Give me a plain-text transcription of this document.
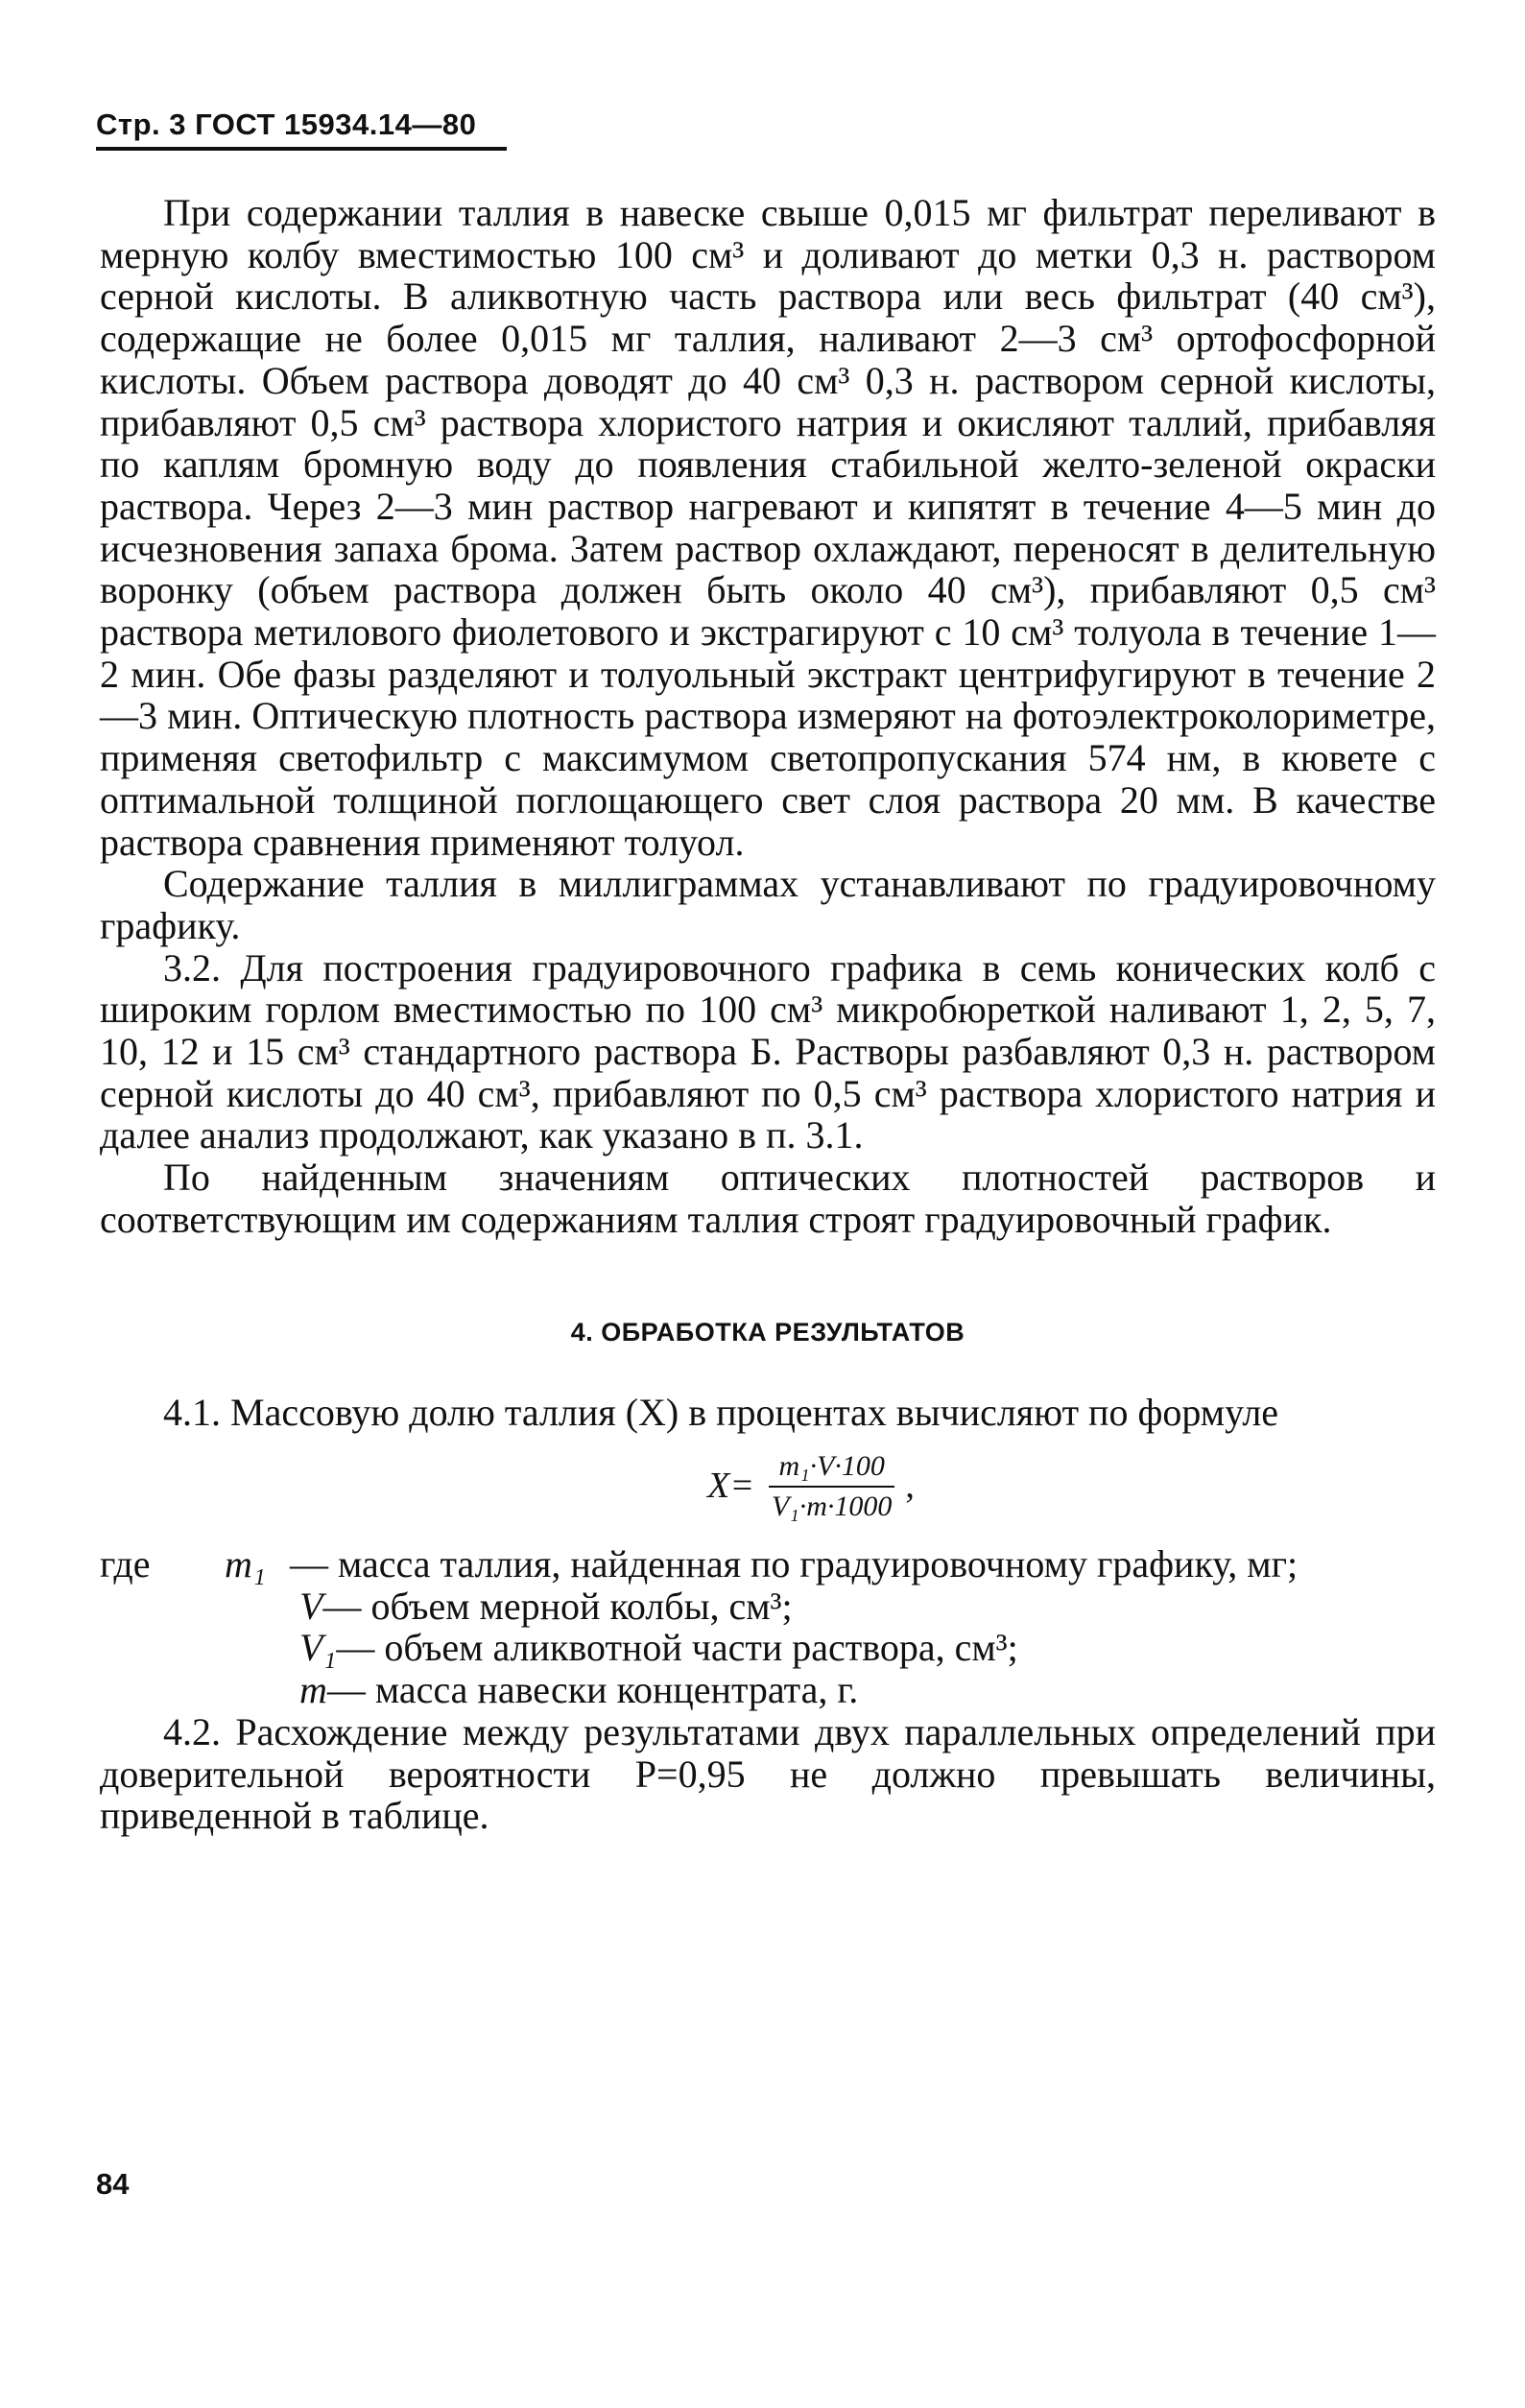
Стр. 3 ГОСТ 15934.14—80

При содержании таллия в навеске свыше 0,015 мг фильтрат переливают в мерную колбу вместимостью 100 см³ и доливают до метки 0,3 н. раствором серной кислоты. В аликвотную часть раствора или весь фильтрат (40 см³), содержащие не более 0,015 мг таллия, наливают 2—3 см³ ортофосфорной кислоты. Объем раствора доводят до 40 см³ 0,3 н. раствором серной кислоты, прибавляют 0,5 см³ раствора хлористого натрия и окисляют таллий, прибавляя по каплям бромную воду до появления стабильной желто-зеленой окраски раствора. Через 2—3 мин раствор нагревают и кипятят в течение 4—5 мин до исчезновения запаха брома. Затем раствор охлаждают, переносят в делительную воронку (объем раствора должен быть около 40 см³), прибавляют 0,5 см³ раствора метилового фиолетового и экстрагируют с 10 см³ толуола в течение 1—2 мин. Обе фазы разделяют и толуольный экстракт центрифугируют в течение 2—3 мин. Оптическую плотность раствора измеряют на фотоэлектроколориметре, применяя светофильтр с максимумом светопропускания 574 нм, в кювете с оптимальной толщиной поглощающего свет слоя раствора 20 мм. В качестве раствора сравнения применяют толуол.

Содержание таллия в миллиграммах устанавливают по градуировочному графику.

3.2. Для построения градуировочного графика в семь конических колб с широким горлом вместимостью по 100 см³ микробюреткой наливают 1, 2, 5, 7, 10, 12 и 15 см³ стандартного раствора Б. Растворы разбавляют 0,3 н. раствором серной кислоты до 40 см³, прибавляют по 0,5 см³ раствора хлористого натрия и далее анализ продолжают, как указано в п. 3.1.

По найденным значениям оптических плотностей растворов и соответствующим им содержаниям таллия строят градуировочный график.

4. ОБРАБОТКА РЕЗУЛЬТАТОВ

4.1. Массовую долю таллия (X) в процентах вычисляют по формуле

$X= \frac{\text{m₁·V·100}}{\text{V₁·m·1000}}$ ,
где	m₁ — масса таллия, найденная по градуировочному графику, мг;
V — объем мерной колбы, см³;
V₁ — объем аликвотной части раствора, см³;
m — масса навески концентрата, г.

4.2. Расхождение между результатами двух параллельных определений при доверительной вероятности P=0,95 не должно превышать величины, приведенной в таблице.

84
